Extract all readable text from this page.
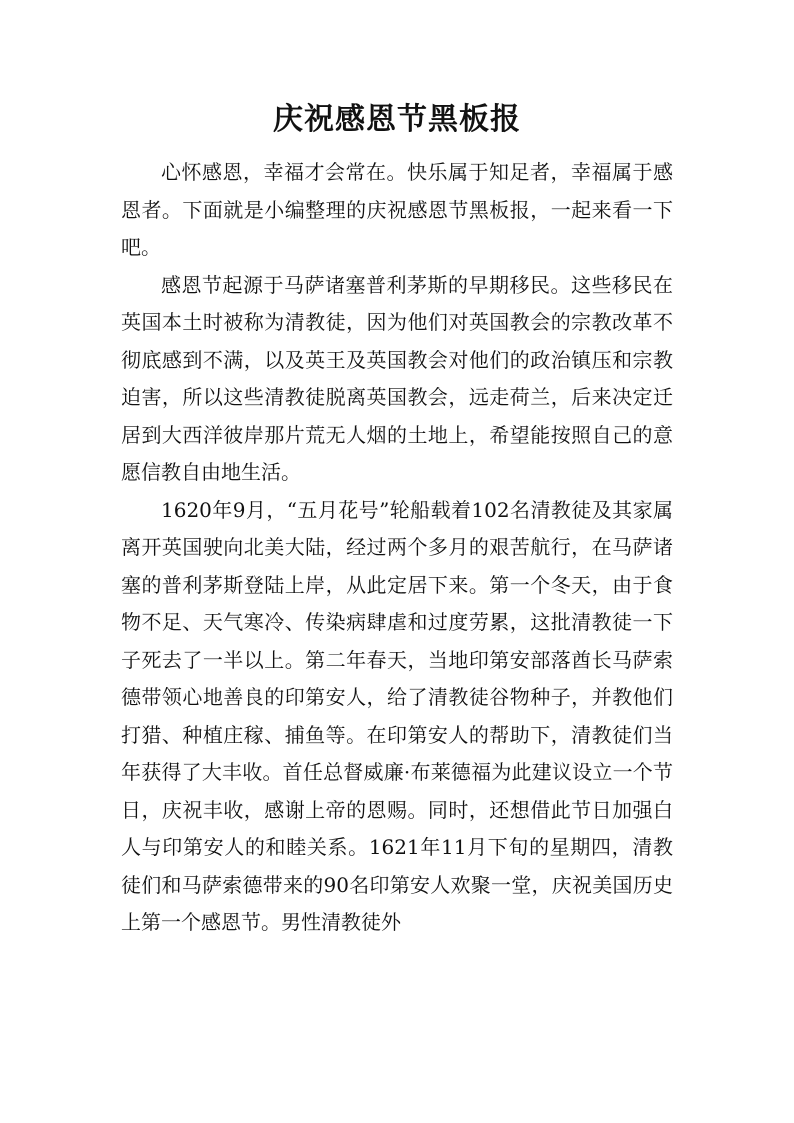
庆祝感恩节黑板报

心怀感恩，幸福才会常在。快乐属于知足者，幸福属于感恩者。下面就是小编整理的庆祝感恩节黑板报，一起来看一下吧。

感恩节起源于马萨诸塞普利茅斯的早期移民。这些移民在英国本土时被称为清教徒，因为他们对英国教会的宗教改革不彻底感到不满，以及英王及英国教会对他们的政治镇压和宗教迫害，所以这些清教徒脱离英国教会，远走荷兰，后来决定迁居到大西洋彼岸那片荒无人烟的土地上，希望能按照自己的意愿信教自由地生活。

1620年9月，“五月花号”轮船载着102名清教徒及其家属离开英国驶向北美大陆，经过两个多月的艰苦航行，在马萨诸塞的普利茅斯登陆上岸，从此定居下来。第一个冬天，由于食物不足、天气寒冷、传染病肆虐和过度劳累，这批清教徒一下子死去了一半以上。第二年春天，当地印第安部落酋长马萨索德带领心地善良的印第安人，给了清教徒谷物种子，并教他们打猎、种植庄稼、捕鱼等。在印第安人的帮助下，清教徒们当年获得了大丰收。首任总督威廉·布莱德福为此建议设立一个节日，庆祝丰收，感谢上帝的恩赐。同时，还想借此节日加强白人与印第安人的和睦关系。1621年11月下旬的星期四，清教徒们和马萨索德带来的90名印第安人欢聚一堂，庆祝美国历史上第一个感恩节。男性清教徒外
